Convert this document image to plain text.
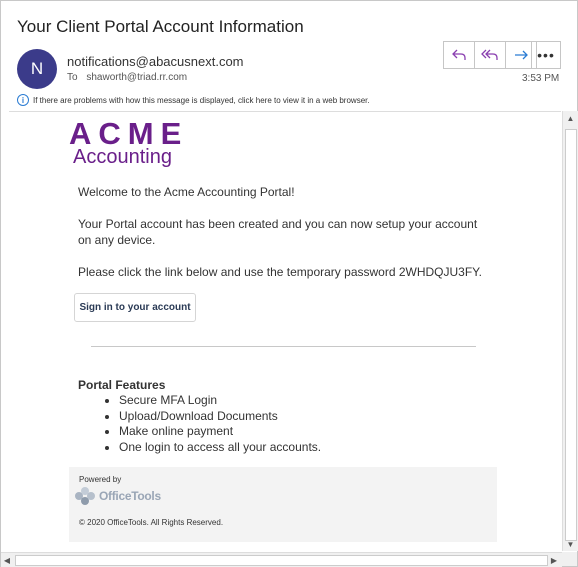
Your Client Portal Account Information
N	notifications@abacusnext.com
To shaworth@triad.rr.com
•••
3:53 PM
i	If there are problems with how this message is displayed, click here to view it in a web browser.
ACME
Accounting
Welcome to the Acme Accounting Portal!
Your Portal account has been created and you can now setup your account on any device.
Please click the link below and use the temporary password 2WHDQJU3FY.
Sign in to your account
Portal Features
• Secure MFA Login
• Upload/Download Documents
• Make online payment
• One login to access all your accounts.
Powered by
OfficeTools
© 2020 OfficeTools. All Rights Reserved.
▲
▼
◀	▶
